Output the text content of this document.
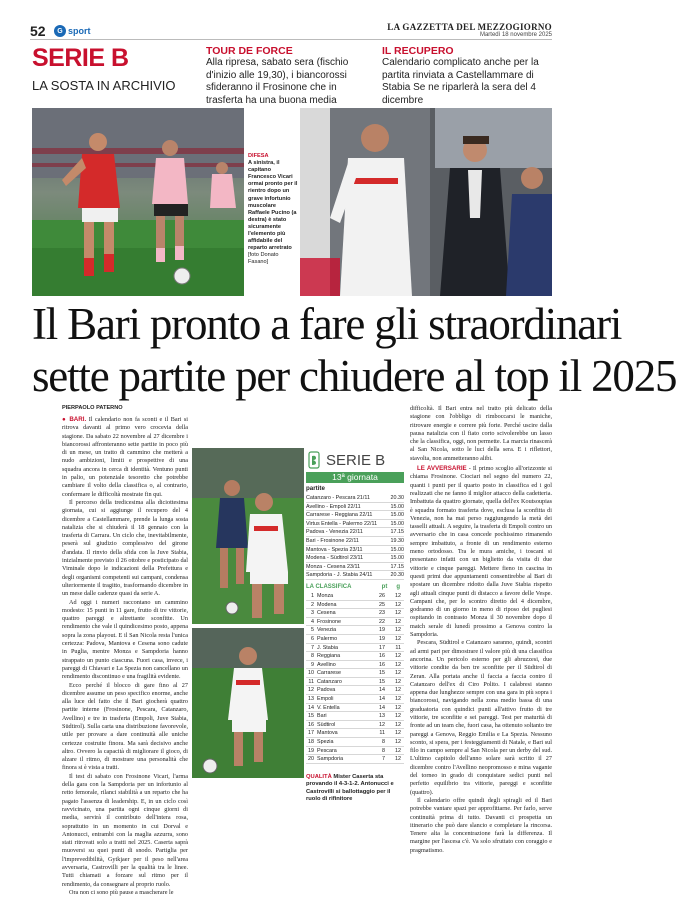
52	G sport	LA GAZZETTA DEL MEZZOGIORNO
Martedì 18 novembre 2025
SERIE B
LA SOSTA IN ARCHIVIO
TOUR DE FORCE
Alla ripresa, sabato sera (fischio d'inizio alle 19,30), i biancorossi sfideranno il Frosinone che in trasferta ha una buona media
IL RECUPERO
Calendario complicato anche per la partita rinviata a Castellammare di Stabia Se ne riparlerà la sera del 4 dicembre
DIFESA
A sinistra, il capitano Francesco Vicari ormai pronto per il rientro dopo un grave infortunio muscolare Raffaele Pucino (a destra) è stato sicuramente l'elemento più affidabile del reparto arretrato [foto Donato Fasano]
Il Bari pronto a fare gli straordinari
sette partite per chiudere al top il 2025
PIERPAOLO PATERNO

● BARI. Il calendario non fa sconti e il Bari si ritrova davanti al primo vero crocevia della stagione. Da sabato 22 novembre al 27 dicembre i biancorossi affronteranno sette partite in poco più di un mese, un tratto di cammino che metterà a nudo ambizioni, limiti e prospettive di una squadra ancora in cerca di identità. Ventuno punti in palio, un potenziale tesoretto che potrebbe cambiare il volto della classifica o, al contrario, confermare le difficoltà mostrate fin qui.

Il percorso della tredicesima alla diciottesima giornata, cui si aggiunge il recupero del 4 dicembre a Castellammare, prende la lunga sosta natalizia che si chiuderà il 18 gennaio con la trasferta di Carrara. Un ciclo che, inevitabilmente, peserà sul giudizio complessivo del girone d'andata. Il rinvio della sfida con la Juve Stabia, inizialmente previsto il 26 ottobre e posticipato dal Viminale dopo le indicazioni della Prefettura e degli organismi competenti sui campani, condensa ulteriormente il tragitto, trasformando dicembre in un mese dalle cadenze quasi da serie A.

Ad oggi i numeri raccontano un cammino modesto: 15 punti in 11 gare, frutto di tre vittorie, quattro pareggi e altrettante sconfitte. Un rendimento che vale il quindicesimo posto, appena sopra la zona playout. E il San Nicola resta l'unica certezza: Padova, Mantova e Cesena sono cadute in Puglia, mentre Monza e Sampdoria hanno strappato un punto ciascuna. Fuori casa, invece, i pareggi di Chiavari e La Spezia non cancellano un rendimento discontinuo e una fragilità evidente.

Ecco perché il blocco di gare fino al 27 dicembre assume un peso specifico enorme, anche alla luce del fatto che il Bari giocherà quattro partite interne (Frosinone, Pescara, Catanzaro, Avellino) e tre in trasferta (Empoli, Juve Stabia, Südtirol). Sulla carta una distribuzione favorevole, utile per provare a dare continuità alle uniche certezze costruite finora. Ma sarà decisivo anche altro. Ovvero la capacità di migliorare il gioco, di alzare il ritmo, di mostrare una personalità che finora si è vista a tratti.

Il test di sabato con Frosinone Vicari, l'arma della gara con la Sampdoria per un infortunio al retto femorale, rilanci stabilità a un reparto che ha pagato l'assenza di leadership. E, in un ciclo così ravvicinato, una partita ogni cinque giorni di media, servirà il contributo dell'intera rosa, soprattutto in un momento in cui Dorval e Antonucci, entrambi con la maglia azzurra, sono stati ritrovati solo a tratti nel 2025. Caserta saprà muoversi su quei punti di snodo. Partiglia per l'imprevedibilità, Gytkjaer per il peso nell'area avversaria, Castrovilli per la qualità tra le linee. Tutti chiamati a forzare sul ritmo per il rendimento, da consegnare al proprio ruolo.

Ora non ci sono più pause a mascherare le

SERIE B
13ª giornata
partite
Catanzaro - Pescara 21/11	20.30
Avellino - Empoli 22/11	15.00
Carrarese - Reggiana 22/11	15.00
Virtus Entella - Palermo 22/11 15.00
Padova - Venezia 22/11	17.15
Bari - Frosinone 22/11	19.30
Mantova - Spezia 23/11	15.00
Modena - Südtirol 23/11	15.00
Monza - Cesena 23/11	17.15
Sampdoria - J. Stabia 24/11	20.30
LA CLASSIFICA	pt g
1 Monza	26	12
2 Modena	25	12
3 Cesena	23	12
4 Frosinone	22	12
5 Venezia	19	12
6 Palermo	19	12
7 J. Stabia	17	11
8 Reggiana	16	12
9 Avellino	16	12
10 Carrarese	15	12
11 Catanzaro	15	12
12 Padova	14	12
13 Empoli	14	12
14 V. Entella	14	12
15 Bari	13	12
16 Südtirol	12	12
17 Mantova	11	12
18 Spezia	8	12
19 Pescara	8	12
20 Sampdoria	7	12
QUALITÀ Mister Caserta sta provando il 4-3-1-2. Antonucci e Castrovilli si ballottaggio per il ruolo di rifinitore

difficoltà. Il Bari entra nel tratto più delicato della stagione con l'obbligo di rimboccarsi le maniche, ritrovare energie e correre più forte. Perché uscire dalla pausa natalizia con il fiato corto scivolerebbe un lasso che la classifica, oggi, non permette. La marcia rinascerà al San Nicola, sotto le luci della sera. E i riflettori, stavolta, non ammetteranno alibi.

LE AVVERSARIE - Il primo scoglio all'orizzonte si chiama Frosinone. Ciociari nel segno del numero 22, quanti i punti per il quarto posto in classifica ed i gol realizzati che ne fanno il miglior attacco della cadetteria. Imbattuta da quattro giornate, quella dell'ex Koutsoupias è squadra formato trasferta dove, esclusa la sconfitta di Venezia, non ha mai perso raggiungendo la metà dei tasselli attuali. A seguire, la trasferta di Empoli contro un avversario che in casa concede pochissimo rimanendo sempre imbattuto, a fronte di un rendimento esterno meno ortodosso. Tra le mura amiche, i toscani si presentano infatti con un biglietto da visita di due vittorie e cinque pareggi. Mettere fieno in cascina in questi primi due appuntamenti consentirebbe al Bari di spostare un dicembre ridotto dalla Juve Stabia rispetto agli attuali cinque punti di distacco a favore delle Vespe. Campani che, per lo scontro diretto del 4 dicembre, godranno di un giorno in meno di riposo dei pugliesi ospitando in contrasto Monza il 30 novembre dopo il match serale di lunedì prossimo a Genova contro la Sampdoria.

Pescara, Südtirol e Catanzaro saranno, quindi, scontri ad armi pari per dimostrare il valore più di una classifica ancorina. Un pericolo esterno per gli abruzzesi, due vittorie condite da ben tre sconfitte per il Südtirol di Zeran. Alla portata anche il faccia a faccia contro il Catanzaro dell'ex di Ciro Polito. I calabresi stanno appena due lunghezze sempre con una gara in più sopra i biancorossi, navigando nella zona medio bassa di una graduatoria con quindici punti all'attivo frutto di tre vittorie, tre sconfitte e sei pareggi. Test per maturità di fronte ad un team che, fuori casa, ha ottenuto soltanto tre pareggi a Genova, Reggio Emilia e La Spezia. Nessuno sconto, si spera, per i festeggiamenti di Natale, e Bari sul filo in campo sempre al San Nicola per un derby del sud. L'ultimo capitolo dell'anno solare sarà scritto il 27 dicembre contro l'Avellino neopromosso e mina vagante del torneo in grado di conquistare sedici punti nel perfetto equilibrio tra vittorie, pareggi e sconfitte (quattro).

Il calendario offre quindi degli spiragli ed il Bari potrebbe vantare spazi per approfittarne. Per farlo, serve continuità prima di tutto. Davanti ci prospetta un itinerario che può dare slancio e completare la rincorsa. Tenere alta la concentrazione farà la differenza. Il margine per l'ascesa c'è. Va solo sfruttato con coraggio e pragmatismo.
